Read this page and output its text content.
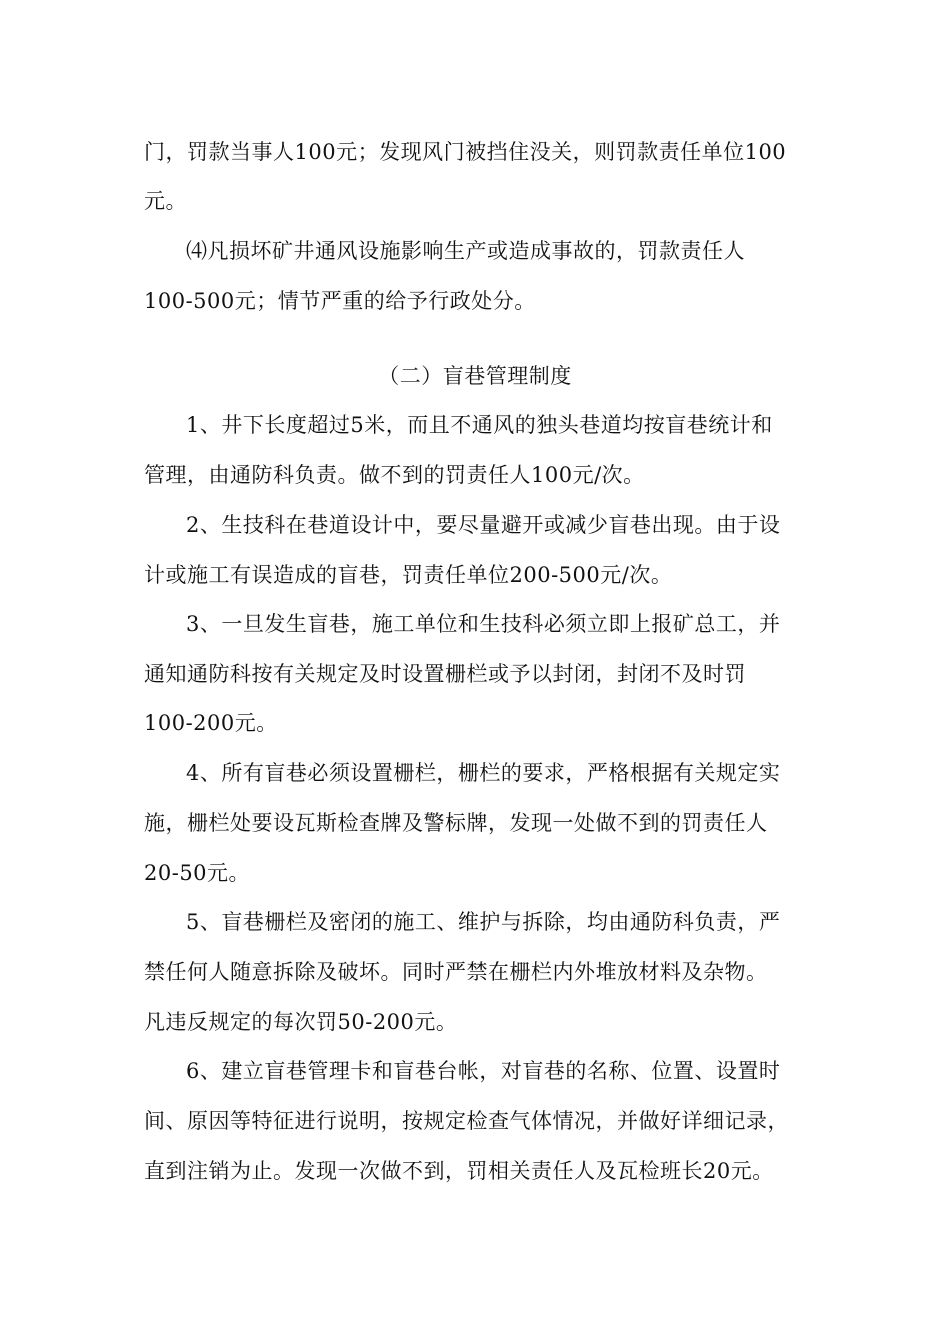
门，罚款当事人100元；发现风门被挡住没关，则罚款责任单位100
元。
⑷凡损坏矿井通风设施影响生产或造成事故的，罚款责任人
100-500元；情节严重的给予行政处分。
（二）盲巷管理制度
1、井下长度超过5米，而且不通风的独头巷道均按盲巷统计和
管理，由通防科负责。做不到的罚责任人100元/次。
2、生技科在巷道设计中，要尽量避开或减少盲巷出现。由于设
计或施工有误造成的盲巷，罚责任单位200-500元/次。
3、一旦发生盲巷，施工单位和生技科必须立即上报矿总工，并
通知通防科按有关规定及时设置栅栏或予以封闭，封闭不及时罚
100-200元。
4、所有盲巷必须设置栅栏，栅栏的要求，严格根据有关规定实
施，栅栏处要设瓦斯检查牌及警标牌，发现一处做不到的罚责任人
20-50元。
5、盲巷栅栏及密闭的施工、维护与拆除，均由通防科负责，严
禁任何人随意拆除及破坏。同时严禁在栅栏内外堆放材料及杂物。
凡违反规定的每次罚50-200元。
6、建立盲巷管理卡和盲巷台帐，对盲巷的名称、位置、设置时
间、原因等特征进行说明，按规定检查气体情况，并做好详细记录，
直到注销为止。发现一次做不到，罚相关责任人及瓦检班长20元。
